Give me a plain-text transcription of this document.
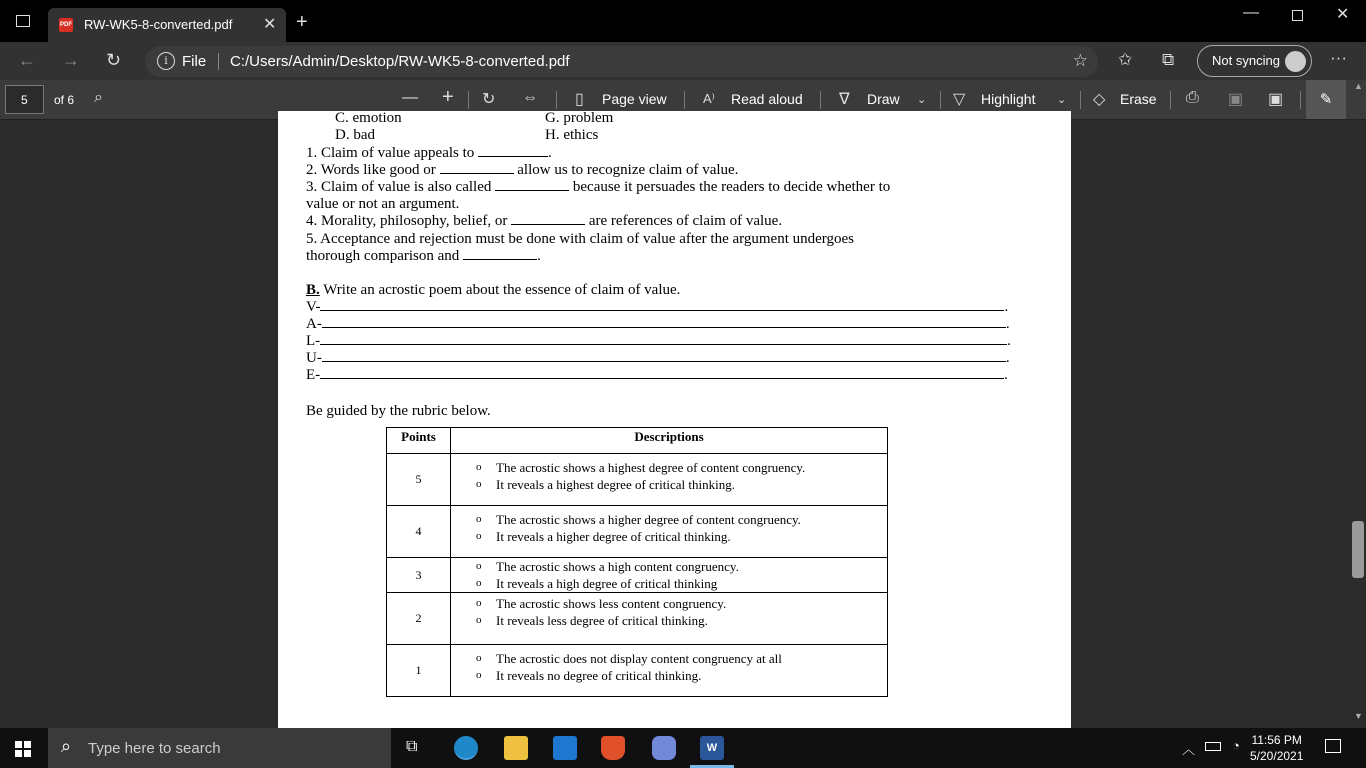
PDF RW-WK5-8-converted.pdf ✕ +	—	✕
← → ↻	i File C:/Users/Admin/Desktop/RW-WK5-8-converted.pdf	☆ ✩ ⧉	Not syncing	···
5	of 6 ⌕	— + ↻ ⇔ ▯ Page view	A⁾ Read aloud ∇ Draw ⌄ ▽ Highlight ⌄ ◇ Erase ⎙ ▣ ▣	✎
C. emotion	G. problem
D. bad	H. ethics
1. Claim of value appeals to	.
2. Words like good or	allow us to recognize claim of value.
3. Claim of value is also called	because it persuades the readers to decide whether to
value or not an argument.
4. Morality, philosophy, belief, or	are references of claim of value.
5. Acceptance and rejection must be done with claim of value after the argument undergoes
thorough comparison and	.
B. Write an acrostic poem about the essence of claim of value.
V-	.
A-	.
L-	.
U-	.
E-	.
Be guided by the rubric below.
Points	Descriptions
5	o The acrostic shows a highest degree of content congruency.
o It reveals a highest degree of critical thinking.

4	o The acrostic shows a higher degree of content congruency.
o It reveals a higher degree of critical thinking.

3	o The acrostic shows a high content congruency.
o It reveals a high degree of critical thinking

2	o The acrostic shows less content congruency.
o It reveals less degree of critical thinking.

1	o The acrostic does not display content congruency at all
o It reveals no degree of critical thinking.
▲
▼
⌕ Type here to search	⧉	W	︿	◔ 11:56 PM
5/20/2021
